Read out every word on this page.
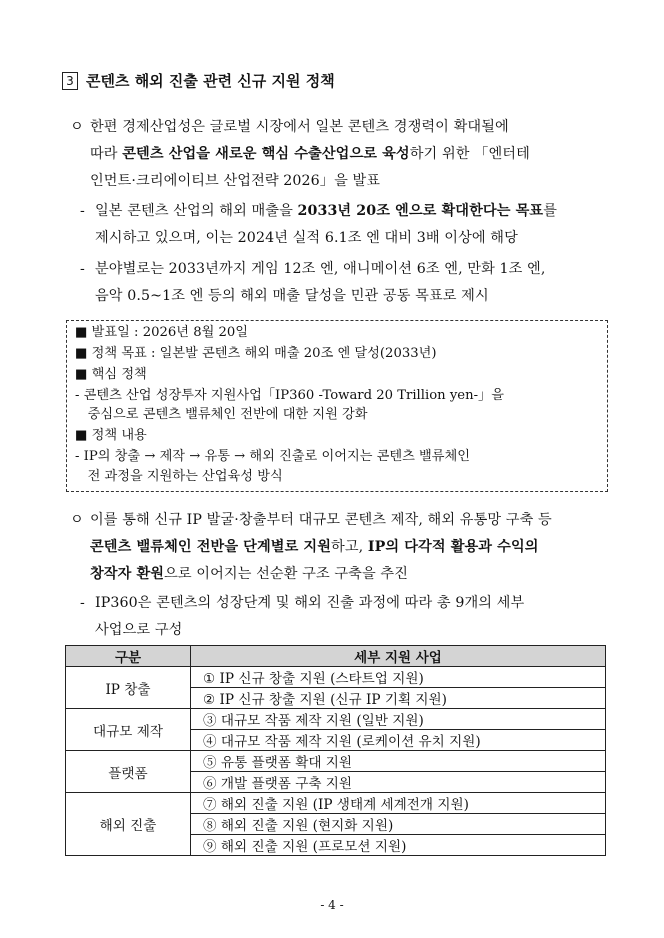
3 콘텐츠 해외 진출 관련 신규 지원 정책
ㅇ 한편 경제산업성은 글로벌 시장에서 일본 콘텐츠 경쟁력이 확대될에
따라 콘텐츠 산업을 새로운 핵심 수출산업으로 육성하기 위한 「엔터테
인먼트·크리에이티브 산업전략 2026」을 발표
- 일본 콘텐츠 산업의 해외 매출을 2033년 20조 엔으로 확대한다는 목표를
제시하고 있으며, 이는 2024년 실적 6.1조 엔 대비 3배 이상에 해당
- 분야별로는 2033년까지 게임 12조 엔, 애니메이션 6조 엔, 만화 1조 엔,
음악 0.5~1조 엔 등의 해외 매출 달성을 민관 공동 목표로 제시
■ 발표일 : 2026년 8월 20일
■ 정책 목표 : 일본발 콘텐츠 해외 매출 20조 엔 달성(2033년)
■ 핵심 정책
- 콘텐츠 산업 성장투자 지원사업「IP360 -Toward 20 Trillion yen-」을
중심으로 콘텐츠 밸류체인 전반에 대한 지원 강화
■ 정책 내용
- IP의 창출 → 제작 → 유통 → 해외 진출로 이어지는 콘텐츠 밸류체인
전 과정을 지원하는 산업육성 방식
ㅇ 이를 통해 신규 IP 발굴·창출부터 대규모 콘텐츠 제작, 해외 유통망 구축 등
콘텐츠 밸류체인 전반을 단계별로 지원하고, IP의 다각적 활용과 수익의
창작자 환원으로 이어지는 선순환 구조 구축을 추진
- IP360은 콘텐츠의 성장단계 및 해외 진출 과정에 따라 총 9개의 세부
사업으로 구성
구분	세부 지원 사업
IP 창출	① IP 신규 창출 지원 (스타트업 지원)
	② IP 신규 창출 지원 (신규 IP 기획 지원)
대규모 제작	③ 대규모 작품 제작 지원 (일반 지원)
	④ 대규모 작품 제작 지원 (로케이션 유치 지원)
플랫폼	⑤ 유통 플랫폼 확대 지원
	⑥ 개발 플랫폼 구축 지원
해외 진출	⑦ 해외 진출 지원 (IP 생태계 세계전개 지원)
	⑧ 해외 진출 지원 (현지화 지원)
	⑨ 해외 진출 지원 (프로모션 지원)
- 4 -
